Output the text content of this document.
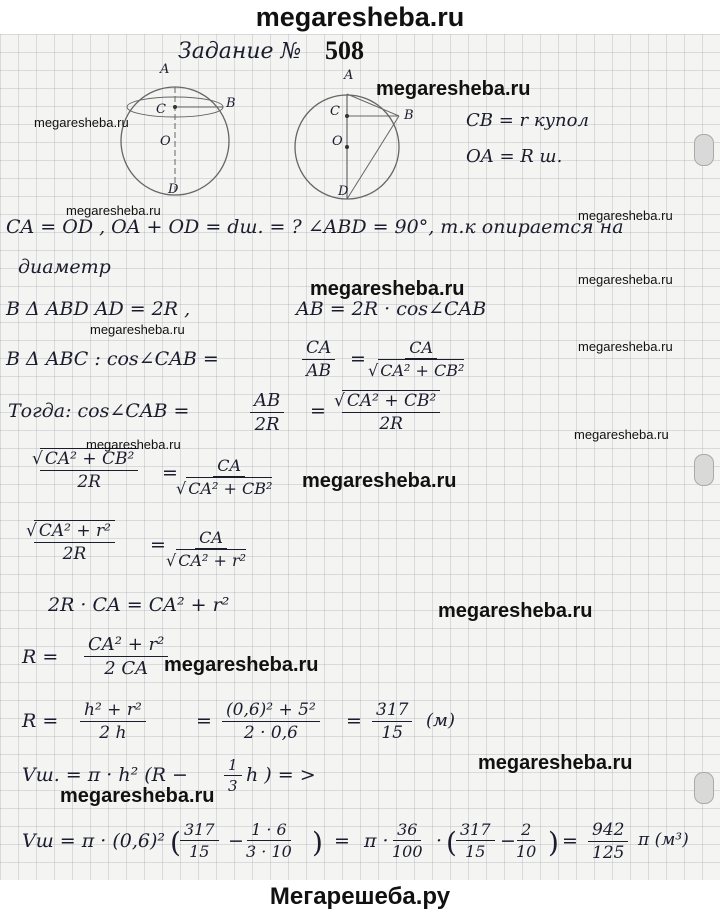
megaresheba.ru
Задание № 508
A
C	B
O
D
A
C	B
O
D
CB = r купол
OA = R ш.
CA = OD , OA + OD = dш. = ? ∠ABD = 90°, т.к опирается на
диаметр
В Δ ABD AD = 2R ,	AB = 2R · cos∠CAB
В Δ ABC : cos∠CAB =	$\frac{CA}{AB}$ = CA
√ CA² + CB²
Тогда: cos∠CAB =	$\frac{AB}{2R}$ =
√ $\frac{\text{CA² + CB²}}{2R}$
√ $\frac{\text{CA² + CB²}}{2R}$ = CA
√ CA² + CB²
√ $\frac{\text{CA² + r²}}{2R}$ = CA
√ CA² + r²
2R · CA = CA² + r²
$R = \frac{\text{CA² + r²}}{2 CA}$
$R = \frac{\text{h² + r²}}{2 h}$	= $\frac{\text{(0,6)² + 5²}}{2 \cdot 0,6} = \frac{317}{15} (м)$
Vш. = π · h² ($R - \frac{1}{3}$ h ) = >
Vш = π · (0,6)² ( $\frac{317}{15} - \frac{1 \cdot 6}{3 \cdot 10}$ ) = $\pi \cdot \frac{36}{100}$ · ( $\frac{317}{15} - \frac{2}{10}$ ) = $\frac{942}{125}$ π (м³)
megaresheba.ru
megaresheba.ru
megaresheba.ru	megaresheba.ru
megaresheba.ru
megaresheba.ru
megaresheba.ru
megaresheba.ru
megaresheba.ru
megaresheba.ru
megaresheba.ru
megaresheba.ru
megaresheba.ru
megaresheba.ru
megaresheba.ru
Мегарешеба.ру
